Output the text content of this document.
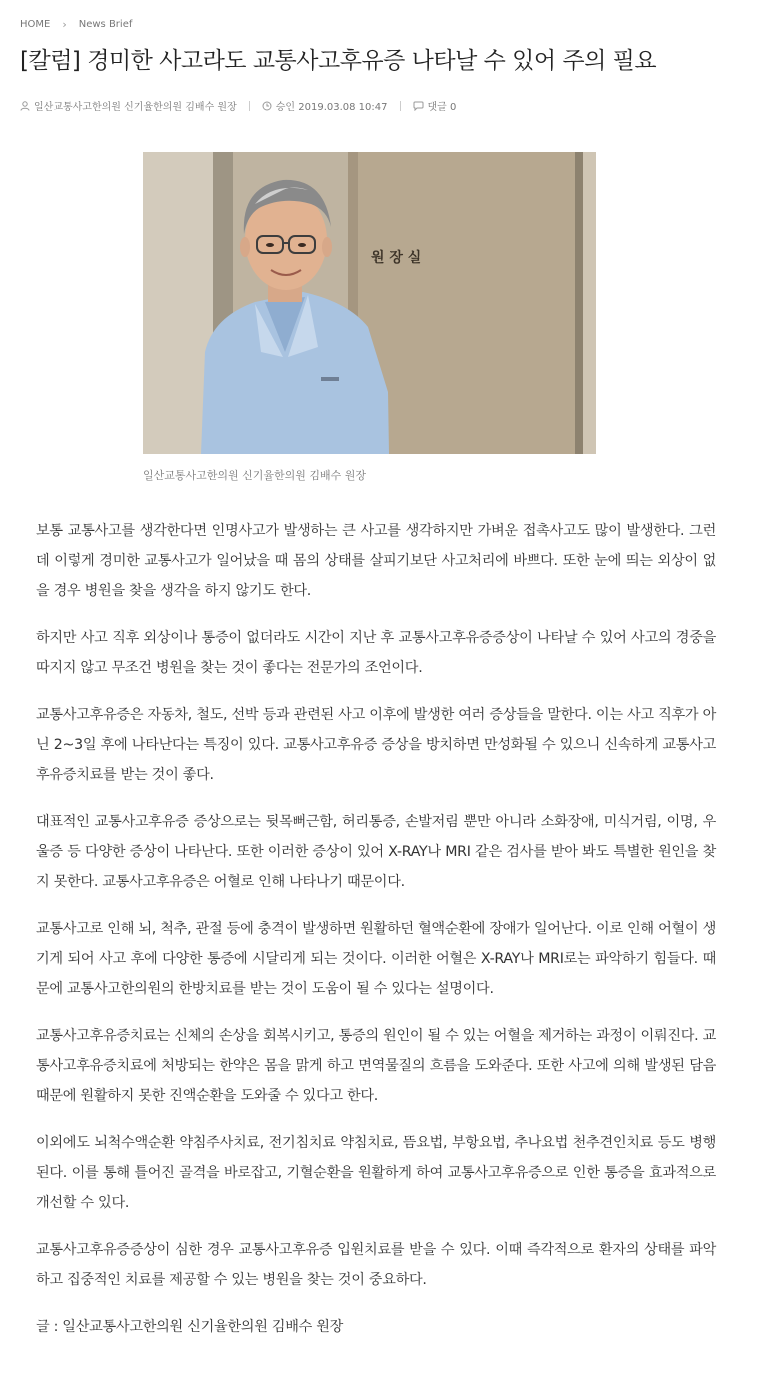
HOME › News Brief
[칼럼] 경미한 사고라도 교통사고후유증 나타날 수 있어 주의 필요
일산교통사고한의원 신기율한의원 김배수 원장	승인 2019.03.08 10:47	댓글 0
원 장 실
일산교통사고한의원 신기율한의원 김배수 원장

보통 교통사고를 생각한다면 인명사고가 발생하는 큰 사고를 생각하지만 가벼운 접촉사고도 많이 발생한다. 그런데 이렇게 경미한 교통사고가 일어났을 때 몸의 상태를 살피기보단 사고처리에 바쁘다. 또한 눈에 띄는 외상이 없을 경우 병원을 찾을 생각을 하지 않기도 한다.

하지만 사고 직후 외상이나 통증이 없더라도 시간이 지난 후 교통사고후유증증상이 나타날 수 있어 사고의 경중을 따지지 않고 무조건 병원을 찾는 것이 좋다는 전문가의 조언이다.

교통사고후유증은 자동차, 철도, 선박 등과 관련된 사고 이후에 발생한 여러 증상들을 말한다. 이는 사고 직후가 아닌 2~3일 후에 나타난다는 특징이 있다. 교통사고후유증 증상을 방치하면 만성화될 수 있으니 신속하게 교통사고후유증치료를 받는 것이 좋다.

대표적인 교통사고후유증 증상으로는 뒷목뻐근함, 허리통증, 손발저림 뿐만 아니라 소화장애, 미식거림, 이명, 우울증 등 다양한 증상이 나타난다. 또한 이러한 증상이 있어 X-RAY나 MRI 같은 검사를 받아 봐도 특별한 원인을 찾지 못한다. 교통사고후유증은 어혈로 인해 나타나기 때문이다.

교통사고로 인해 뇌, 척추, 관절 등에 충격이 발생하면 원활하던 혈액순환에 장애가 일어난다. 이로 인해 어혈이 생기게 되어 사고 후에 다양한 통증에 시달리게 되는 것이다. 이러한 어혈은 X-RAY나 MRI로는 파악하기 힘들다. 때문에 교통사고한의원의 한방치료를 받는 것이 도움이 될 수 있다는 설명이다.

교통사고후유증치료는 신체의 손상을 회복시키고, 통증의 원인이 될 수 있는 어혈을 제거하는 과정이 이뤄진다. 교통사고후유증치료에 처방되는 한약은 몸을 맑게 하고 면역물질의 흐름을 도와준다. 또한 사고에 의해 발생된 담음 때문에 원활하지 못한 진액순환을 도와줄 수 있다고 한다.

이외에도 뇌척수액순환 약침주사치료, 전기침치료 약침치료, 뜸요법, 부항요법, 추나요법 천추견인치료 등도 병행된다. 이를 통해 틀어진 골격을 바로잡고, 기혈순환을 원활하게 하여 교통사고후유증으로 인한 통증을 효과적으로 개선할 수 있다.

교통사고후유증증상이 심한 경우 교통사고후유증 입원치료를 받을 수 있다. 이때 즉각적으로 환자의 상태를 파악하고 집중적인 치료를 제공할 수 있는 병원을 찾는 것이 중요하다.

글 : 일산교통사고한의원 신기율한의원 김배수 원장
